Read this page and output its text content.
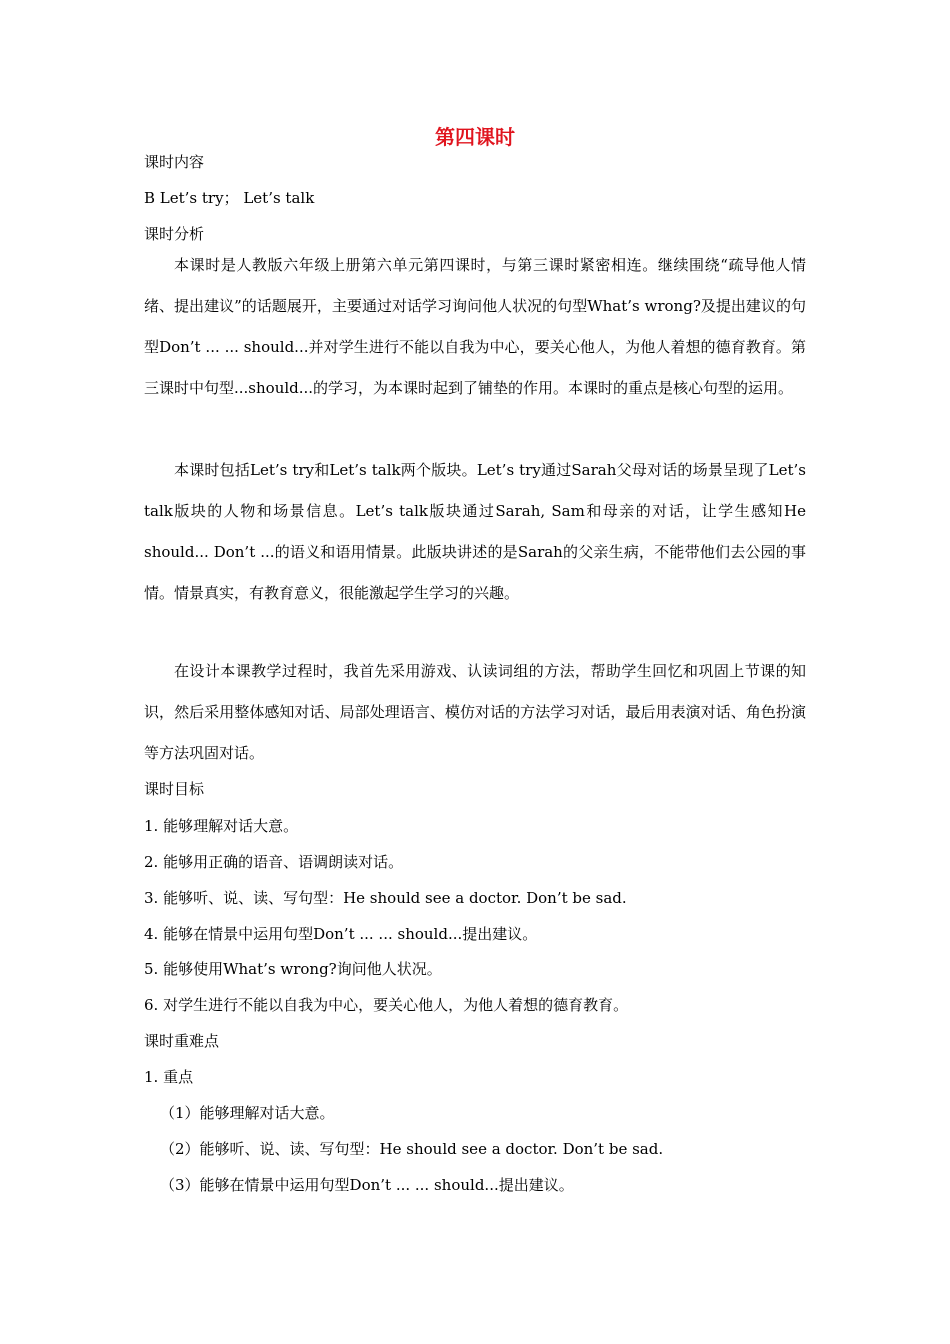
第四课时
课时内容
B Let’s try； Let’s talk
课时分析

本课时是人教版六年级上册第六单元第四课时，与第三课时紧密相连。继续围绕“疏导他人情绪、提出建议”的话题展开，主要通过对话学习询问他人状况的句型What’s wrong?及提出建议的句型Don’t ... ... should...并对学生进行不能以自我为中心，要关心他人，为他人着想的德育教育。第三课时中句型...should...的学习，为本课时起到了铺垫的作用。本课时的重点是核心句型的运用。

本课时包括Let’s try和Let’s talk两个版块。Let’s try通过Sarah父母对话的场景呈现了Let’s talk版块的人物和场景信息。Let’s talk版块通过Sarah, Sam和母亲的对话，让学生感知He should... Don’t ...的语义和语用情景。此版块讲述的是Sarah的父亲生病，不能带他们去公园的事情。情景真实，有教育意义，很能激起学生学习的兴趣。

在设计本课教学过程时，我首先采用游戏、认读词组的方法，帮助学生回忆和巩固上节课的知识，然后采用整体感知对话、局部处理语言、模仿对话的方法学习对话，最后用表演对话、角色扮演等方法巩固对话。

课时目标
1. 能够理解对话大意。
2. 能够用正确的语音、语调朗读对话。
3. 能够听、说、读、写句型：He should see a doctor. Don’t be sad.
4. 能够在情景中运用句型Don’t ... ... should...提出建议。
5. 能够使用What’s wrong?询问他人状况。
6. 对学生进行不能以自我为中心，要关心他人，为他人着想的德育教育。
课时重难点
1. 重点
（1）能够理解对话大意。
（2）能够听、说、读、写句型：He should see a doctor. Don’t be sad.
（3）能够在情景中运用句型Don’t ... ... should...提出建议。
